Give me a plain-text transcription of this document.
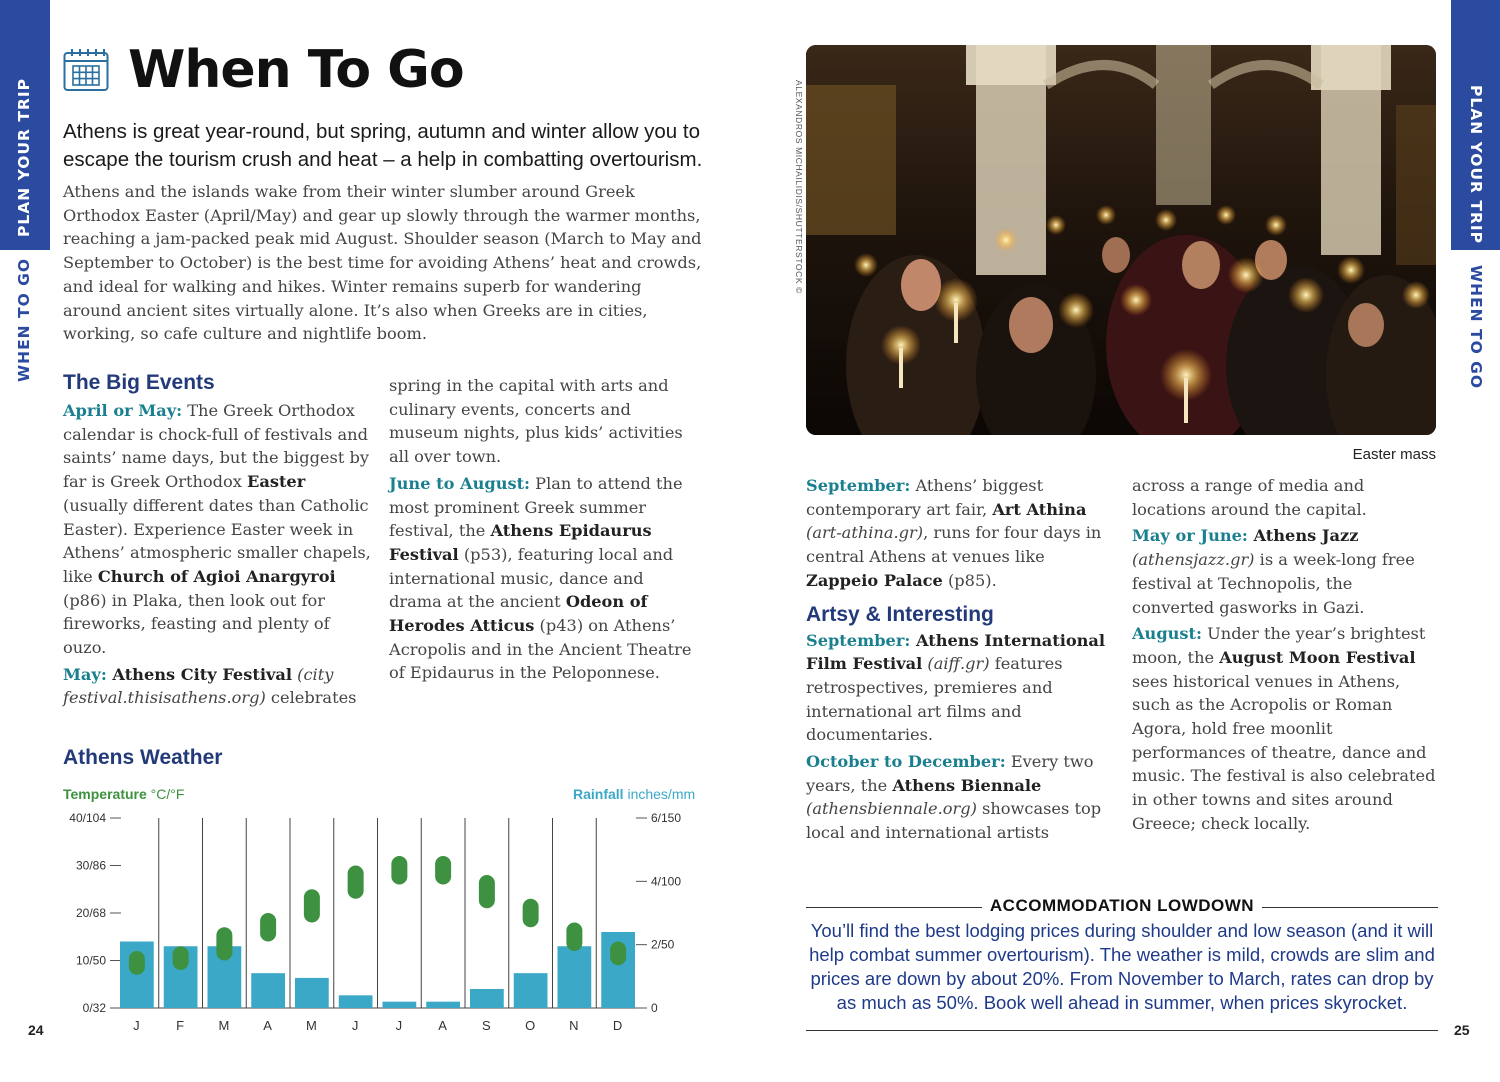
PLAN YOUR TRIP
WHEN TO GO
PLAN YOUR TRIP
WHEN TO GO
When To Go

Athens is great year-round, but spring, autumn and winter allow you to escape the tourism crush and heat – a help in combatting overtourism.

Athens and the islands wake from their winter slumber around Greek Orthodox Easter (April/May) and gear up slowly through the warmer months, reaching a jam-packed peak mid August. Shoulder season (March to May and September to October) is the best time for avoiding Athens’ heat and crowds, and ideal for walking and hikes. Winter remains superb for wandering around ancient sites virtually alone. It’s also when Greeks are in cities, working, so cafe culture and nightlife boom.

The Big Events

April or May: The Greek Orthodox calendar is chock-full of festivals and saints’ name days, but the biggest by far is Greek Orthodox Easter (usually different dates than Catholic Easter). Experience Easter week in Athens’ atmospheric smaller chapels, like Church of Agioi Anargyroi (p86) in Plaka, then look out for fireworks, feasting and plenty of ouzo.

May: Athens City Festival (city festival.thisisathens.org) celebrates

spring in the capital with arts and culinary events, concerts and museum nights, plus kids’ activities all over town.

June to August: Plan to attend the most prominent Greek summer festival, the Athens Epidaurus Festival (p53), featuring local and international music, dance and drama at the ancient Odeon of Herodes Atticus (p43) on Athens’ Acropolis and in the Ancient Theatre of Epidaurus in the Peloponnese.

Athens Weather
Temperature °C/°F	Rainfall inches/mm
0/32
10/50
20/68
30/86
40/104
0
2/50
4/100
6/150
J	F	M	A	M	J	J	A	S	O	N	D
ALEXANDROS MICHAILIDIS/SHUTTERSTOCK ©
Easter mass

September: Athens’ biggest contemporary art fair, Art Athina (art-athina.gr), runs for four days in central Athens at venues like Zappeio Palace (p85).

Artsy & Interesting

September: Athens International Film Festival (aiff.gr) features retrospectives, premieres and international art films and documentaries.

October to December: Every two years, the Athens Biennale (athensbiennale.org) showcases top local and international artists

across a range of media and locations around the capital.

May or June: Athens Jazz (athensjazz.gr) is a week-long free festival at Technopolis, the converted gasworks in Gazi.

August: Under the year’s brightest moon, the August Moon Festival sees historical venues in Athens, such as the Acropolis or Roman Agora, hold free moonlit performances of theatre, dance and music. The festival is also celebrated in other towns and sites around Greece; check locally.

ACCOMMODATION LOWDOWN

You’ll find the best lodging prices during shoulder and low season (and it will help combat summer overtourism). The weather is mild, crowds are slim and prices are down by about 20%. From November to March, rates can drop by as much as 50%. Book well ahead in summer, when prices skyrocket.

24	25
